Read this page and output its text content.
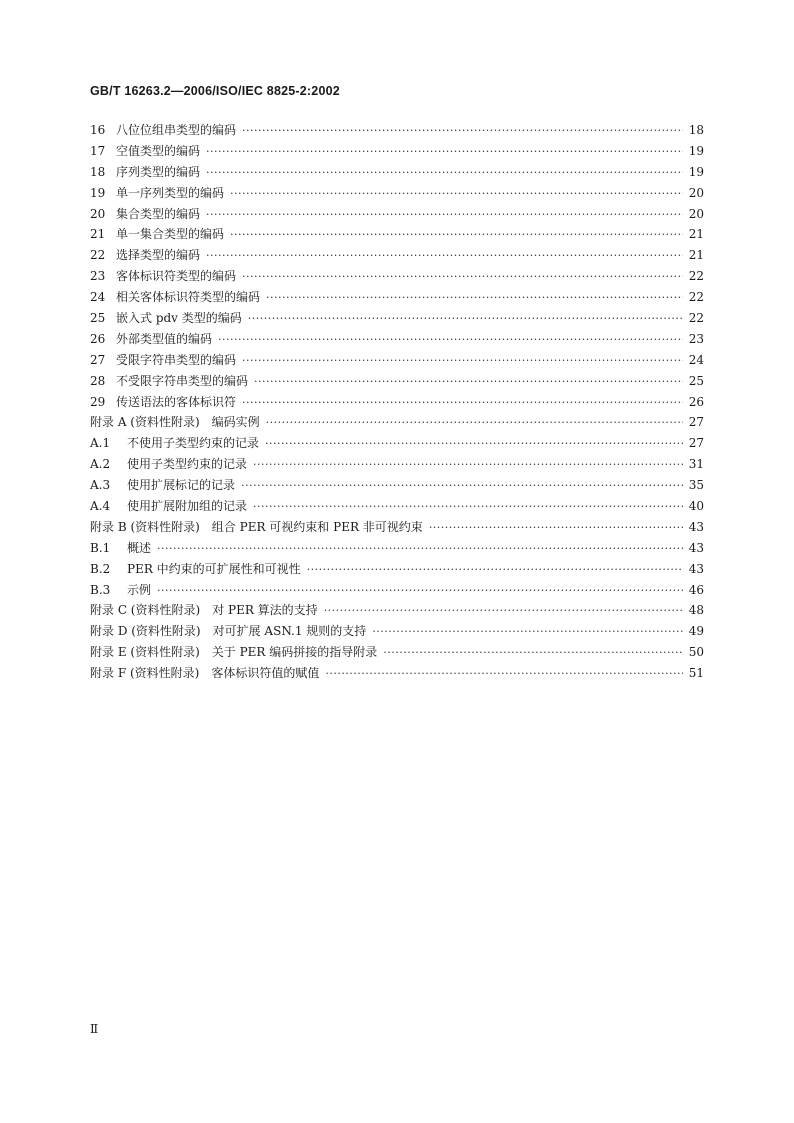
GB/T 16263.2—2006/ISO/IEC 8825-2:2002
16 八位位组串类型的编码 ·····	18
17 空值类型的编码 ·····	19
18 序列类型的编码 ·····	19
19 单一序列类型的编码 ·····	20
20 集合类型的编码 ·····	20
21 单一集合类型的编码 ·····	21
22 选择类型的编码 ·····	21
23 客体标识符类型的编码 ·····	22
24 相关客体标识符类型的编码 ·····	22
25 嵌入式 pdv 类型的编码 ·····	22
26 外部类型值的编码 ·····	23
27 受限字符串类型的编码 ·····	24
28 不受限字符串类型的编码 ·····	25
29 传送语法的客体标识符 ·····	26
附录 A (资料性附录)　编码实例 ·····	27
A.1	不使用子类型约束的记录 ·····	27
A.2	使用子类型约束的记录 ·····	31
A.3	使用扩展标记的记录 ·····	35
A.4	使用扩展附加组的记录 ·····	40
附录 B (资料性附录)　组合 PER 可视约束和 PER 非可视约束 ·····	43
B.1	概述 ·····	43
B.2	PER 中约束的可扩展性和可视性 ·····	43
B.3	示例 ·····	46
附录 C (资料性附录)　对 PER 算法的支持 ·····	48
附录 D (资料性附录)　对可扩展 ASN.1 规则的支持 ·····	49
附录 E (资料性附录)　关于 PER 编码拼接的指导附录 ·····	50
附录 F (资料性附录)　客体标识符值的赋值 ·····	51
Ⅱ
